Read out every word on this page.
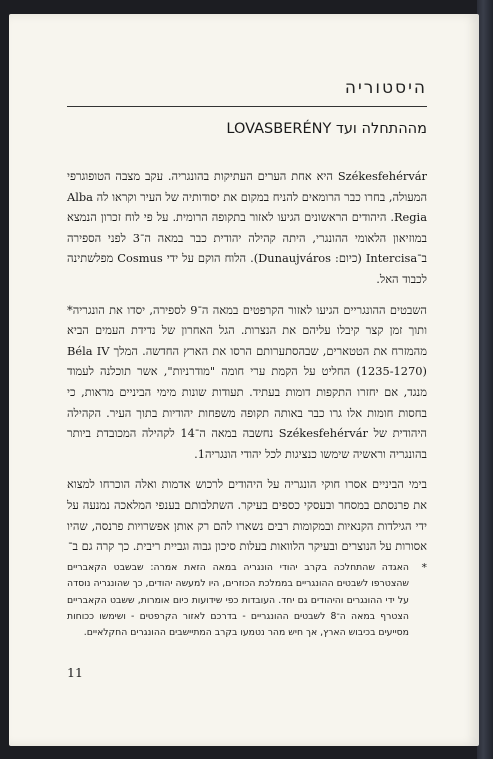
היסטוריה
מההתחלה ועד LOVASBERÉNY

Székesfehérvár היא אחת הערים העתיקות בהונגריה. עקב מצבה הטופוגרפי המעולה, בחרו כבר הרומאים להניח במקום את יסודותיה של העיר וקראו לה Alba Regia. היהודים הראשונים הגיעו לאזור בתקופה הרומית. על פי לוח זכרון הנמצא במוזיאון הלאומי ההונגרי, היתה קהילה יהודית כבר במאה ה־3 לפני הספירה ב־Intercisa (כיום: Dunaujváros). הלוח הוקם על ידי Cosmus מפלשתינה לכבוד האל.

השבטים ההונגריים הגיעו לאזור הקרפטים במאה ה־9 לספירה, יסדו את הונגריה* ותוך זמן קצר קיבלו עליהם את הנצרות. הגל האחרון של נדידת העמים הביא מהמזרח את הטטארים, שבהסתערותם הרסו את הארץ החדשה. המלך Béla IV (1235-1270) החליט על הקמת ערי חומה "מודרניות", אשר תוכלנה לעמוד מנגד, אם יחזרו התקפות דומות בעתיד. תעודות שונות מימי הביניים מראות, כי בחסות חומות אלו גרו כבר באותה תקופה משפחות יהודיות בתוך העיר. הקהילה היהודית של Székesfehérvár נחשבה במאה ה־14 לקהילה המכובדת ביותר בהונגריה וראשיה שימשו כנציגות לכל יהודי הונגריה1.

בימי הביניים אסרו חוקי הונגריה על היהודים לרכוש אדמות ואלה הוכרחו למצוא את פרנסתם במסחר ובעסקי כספים בעיקר. השתלבותם בענפי המלאכה נמנעה על ידי הגילדות הקנאיות ובמקומות רבים נשארו להם רק אותן אפשרויות פרנסה, שהיו אסורות על הנוצרים ובעיקר הלוואות בעלות סיכון גבוה וגביית ריבית. כך קרה גם ב־

*
האגדה שהתחלכה בקרב יהודי הונגריה במאה הזאת אמרה: שבשבט הקאבריים שהצטרפו לשבטים ההונגריים בממלכת הכוזרים, היו למעשה יהודים, כך שהונגריה נוסדה על ידי ההונגרים והיהודים גם יחד. העובדות כפי שידועות כיום אומרות, ששבט הקאבריים הצטרף במאה ה־8 לשבטים ההונגריים - בדרכם לאזור הקרפטים - ושימשו ככוחות מסייעים בכיבוש הארץ, אך חיש מהר נטמעו בקרב המתיישבים ההונגרים החקלאיים.
11
